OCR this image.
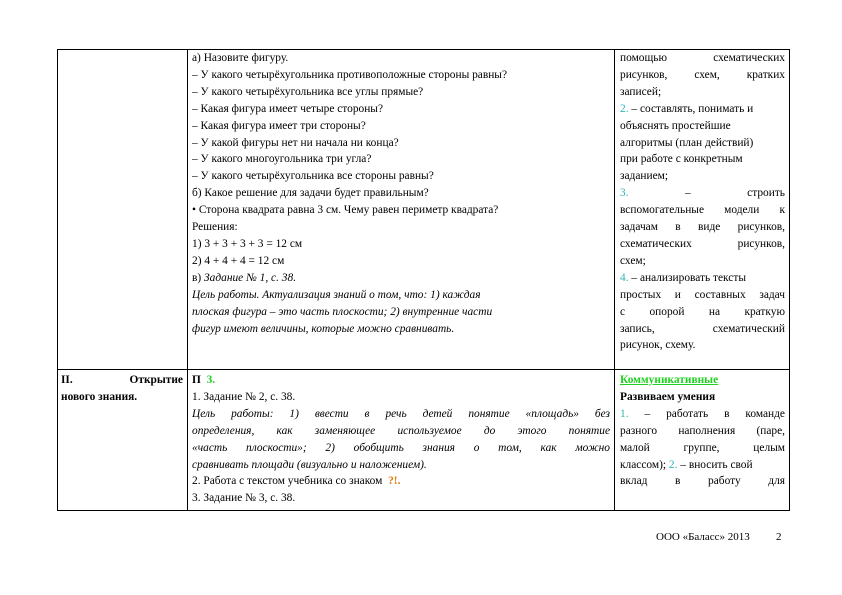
а) Назовите фигуру.

– У какого четырёхугольника противоположные стороны равны?

– У какого четырёхугольника все углы прямые?

– Какая фигура имеет четыре стороны?

– Какая фигура имеет три стороны?

– У какой фигуры нет ни начала ни конца?

– У какого многоугольника три угла?

– У какого четырёхугольника все стороны равны?

б) Какое решение для задачи будет правильным?

• Сторона квадрата равна 3 см. Чему равен периметр квадрата?

Решения:

1) 3 + 3 + 3 + 3 = 12 см

2) 4 + 4 + 4 = 12 см

в) Задание № 1, с. 38.

Цель работы. Актуализация знаний о том, что: 1) каждая

плоская фигура – это часть плоскости; 2) внутренние части

фигур имеют величины, которые можно сравнивать.

помощью схематических

рисунков, схем, кратких

записей;

2. – составлять, понимать и

объяснять простейшие

алгоритмы (план действий)

при работе с конкретным

заданием;

3.	– строить

вспомогательные модели к

задачам в виде рисунков,

схематических рисунков,

схем;

4. – анализировать тексты

простых и составных задач

с опорой на краткую

запись, схематический

рисунок, схему.

II. Открытие

нового знания.

П 3.

1. Задание № 2, с. 38.

Цель работы: 1) ввести в речь детей понятие «площадь» без

определения, как заменяющее используемое до этого понятие

«часть плоскости»; 2) обобщить знания о том, как можно

сравнивать площади (визуально и наложением).

2. Работа с текстом учебника со знаком  ?!.

3. Задание № 3, с. 38.

Коммуникативные

Развиваем умения

1. – работать в команде

разного наполнения (паре,

малой группе, целым

классом); 2. – вносить свой

вклад в работу для

ООО «Баласс» 2013 2
